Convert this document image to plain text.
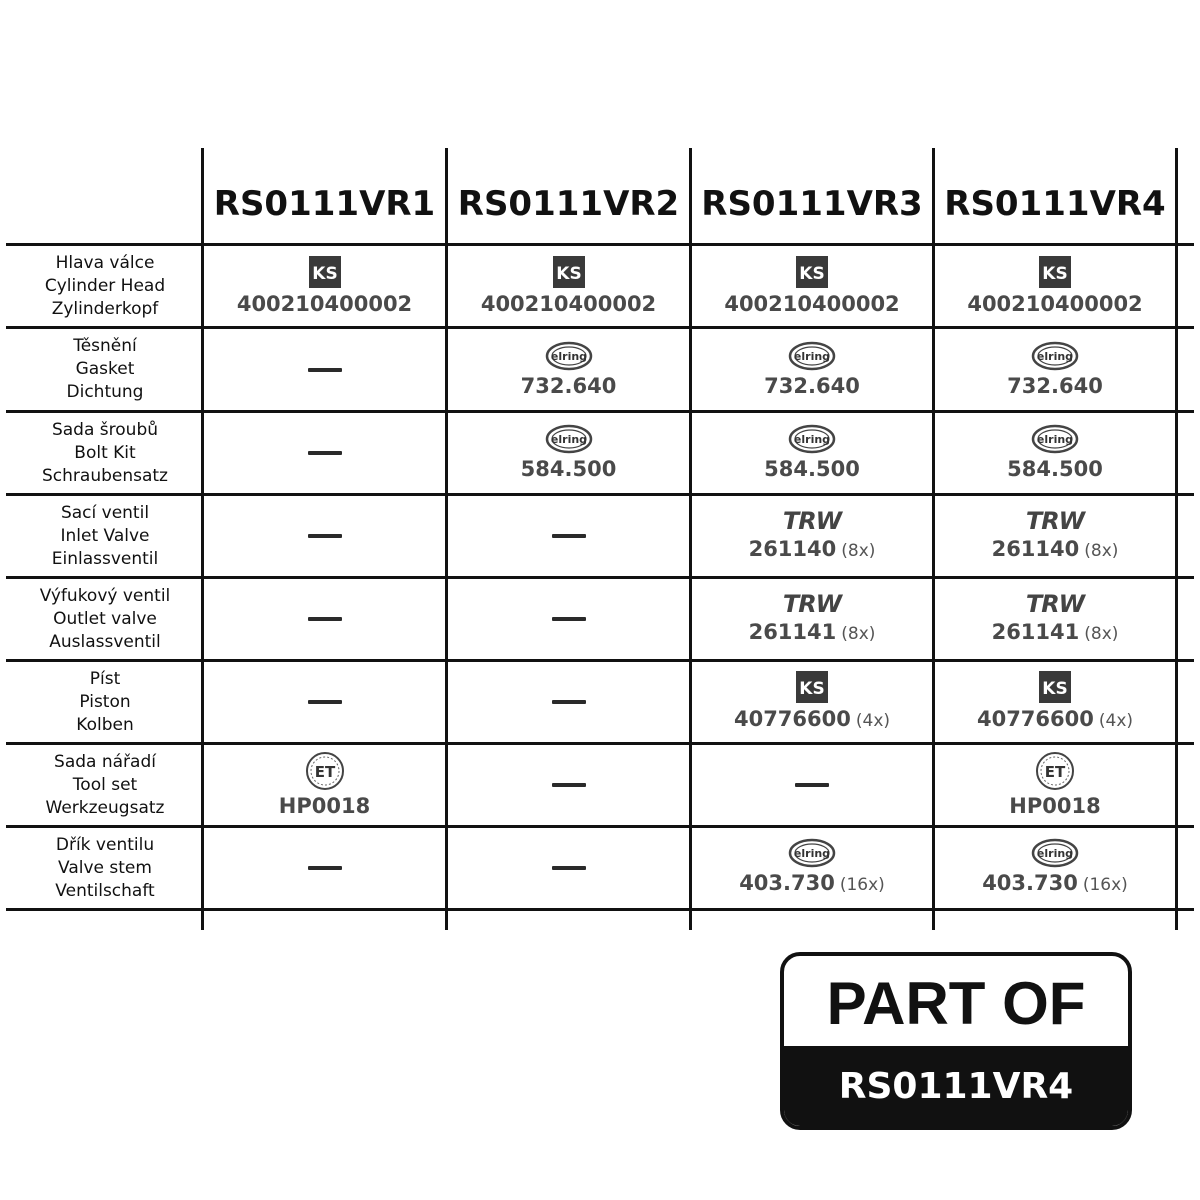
PART OF
RS0111VR4
RS0111VR1 RS0111VR2 RS0111VR3 RS0111VR4
Hlava válce
Cylinder Head
Zylinderkopf
KS
400210400002
KS
400210400002
KS
400210400002
KS
400210400002
Těsnění
Gasket
Dichtung
elring
732.640
elring
732.640
elring
732.640
Sada šroubů
Bolt Kit
Schraubensatz
elring
584.500
elring
584.500
elring
584.500
Sací ventil
Inlet Valve
Einlassventil
TRW
261140 (8x)
TRW
261140 (8x)
Výfukový ventil
Outlet valve
Auslassventil
TRW
261141 (8x)
TRW
261141 (8x)
Píst
Piston
Kolben
KS
40776600 (4x)
KS
40776600 (4x)
Sada nářadí
Tool set
Werkzeugsatz
ET
HP0018
ET
HP0018
Dřík ventilu
Valve stem
Ventilschaft
elring
403.730 (16x)
elring
403.730 (16x)
